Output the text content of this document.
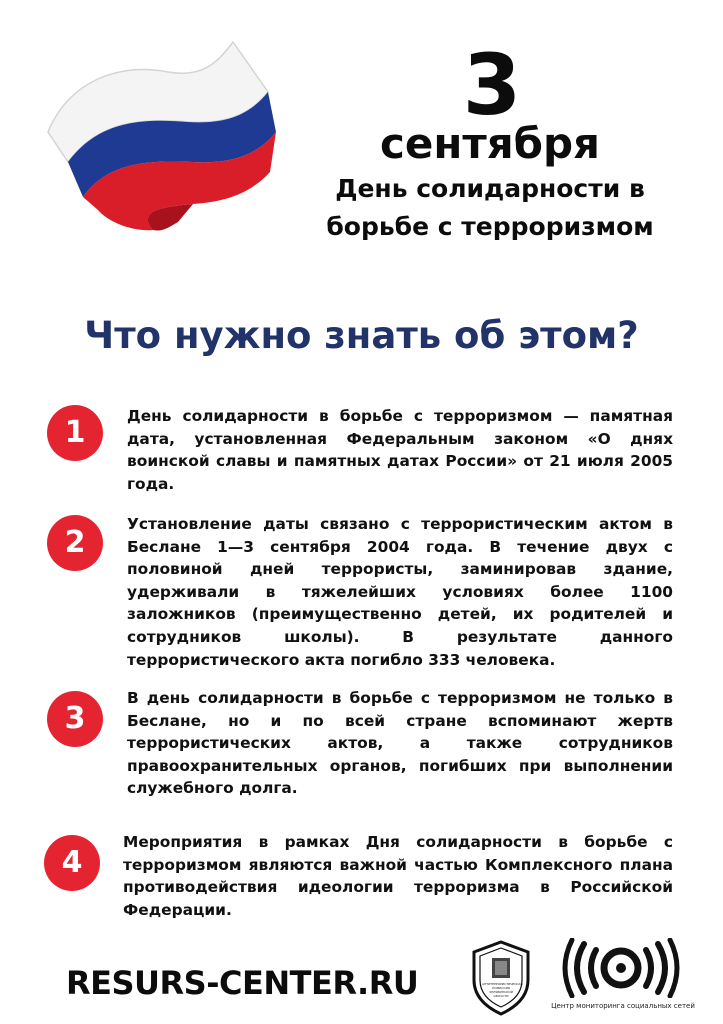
3
сентября
День солидарности в борьбе с терроризмом
Что нужно знать об этом?
1	День солидарности в борьбе с терроризмом — памятная дата, установленная Федеральным законом «О днях воинской славы и памятных датах России» от 21 июля 2005 года.
2
Установление даты связано с террористическим актом в Беслане 1—3 сентября 2004 года. В течение двух с половиной дней террористы, заминировав здание, удерживали в тяжелейших условиях более 1100 заложников (преимущественно детей, их родителей и сотрудников школы). В результате данного террористического акта погибло 333 человека.
3
В день солидарности в борьбе с терроризмом не только в Беслане, но и по всей стране вспоминают жертв террористических актов, а также сотрудников правоохранительных органов, погибших при выполнении служебного долга.
4
Мероприятия в рамках Дня солидарности в борьбе с терроризмом являются важной частью Комплексного плана противодействия идеологии терроризма в Российской Федерации.
RESURS-CENTER.RU	АНТИТЕРРОРИСТИЧЕСКАЯ КОМИССИЯ ЧЕЛЯБИНСКОЙ ОБЛАСТИ
Центр мониторинга социальных сетей
